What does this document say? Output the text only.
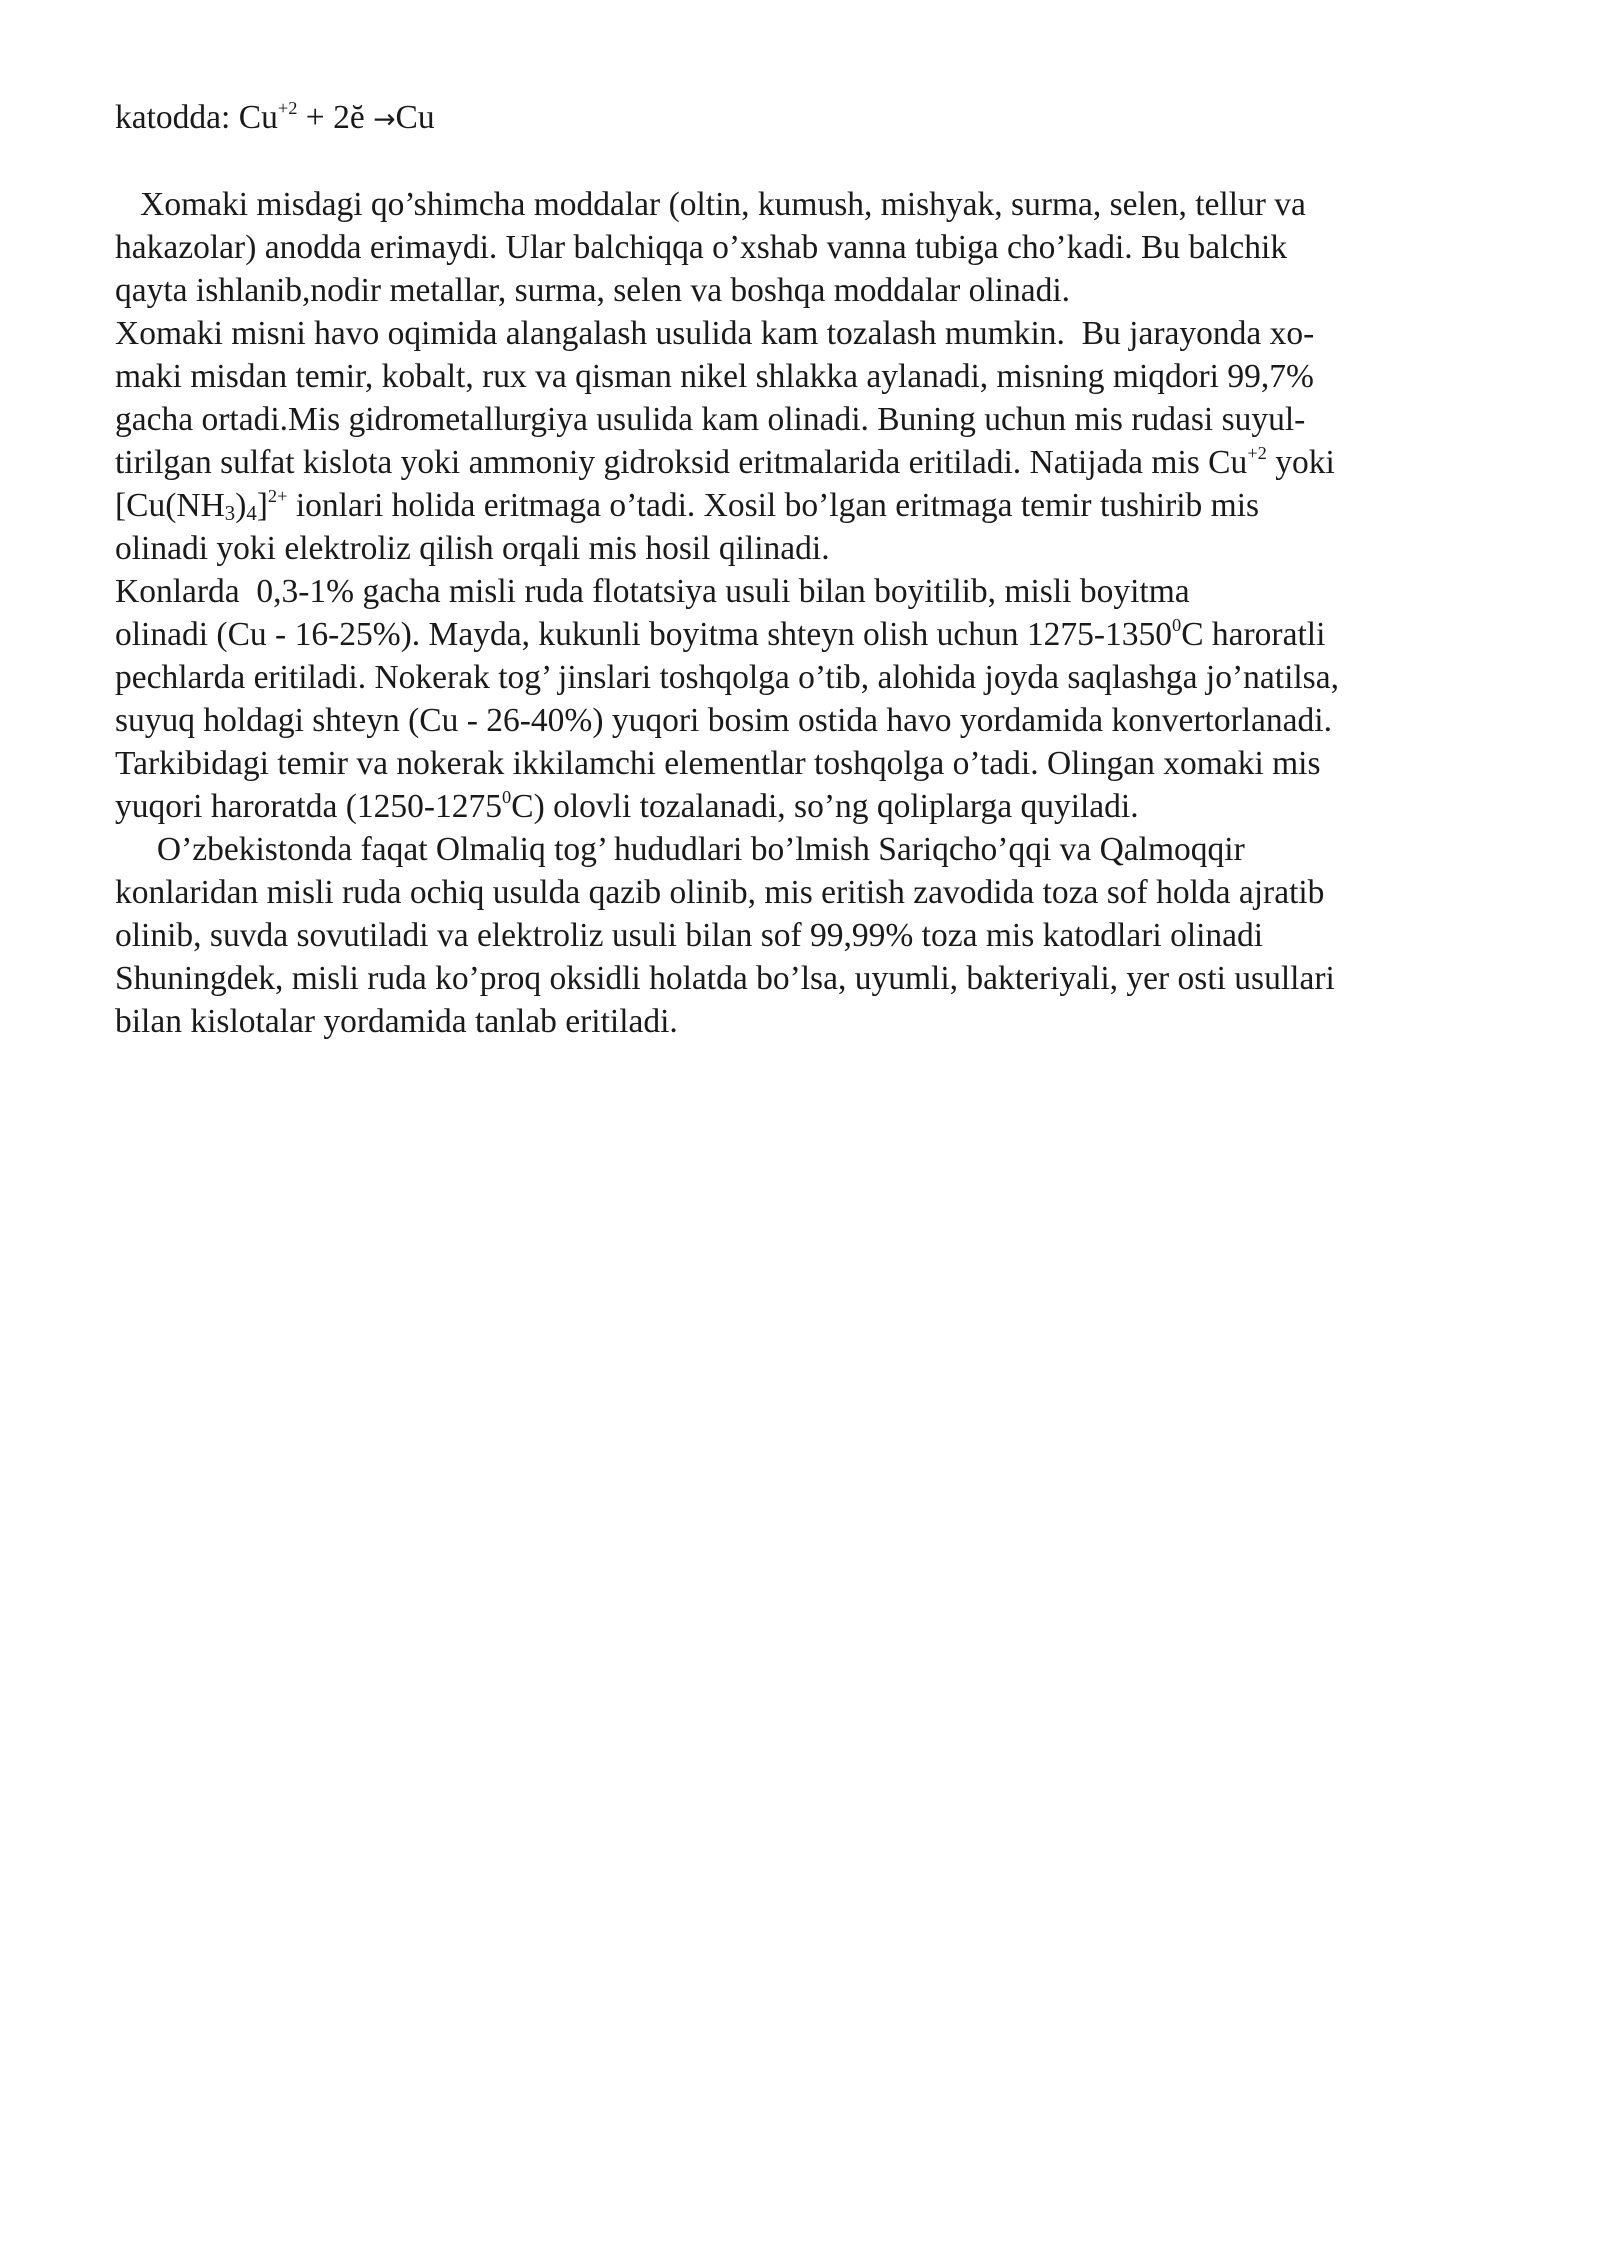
katodda: $Cu^{+2}$ + 2ĕ →Cu
Xomaki misdagi qo’shimcha moddalar (oltin, kumush, mishyak, surma, selen, tellur va
hakazolar) anodda erimaydi. Ular balchiqqa o’xshab vanna tubiga cho’kadi. Bu balchik
qayta ishlanib,nodir metallar, surma, selen va boshqa moddalar olinadi.
Xomaki misni havo oqimida alangalash usulida kam tozalash mumkin.  Bu jarayonda xo-
maki misdan temir, kobalt, rux va qisman nikel shlakka aylanadi, misning miqdori 99,7%
gacha ortadi.Mis gidrometallurgiya usulida kam olinadi. Buning uchun mis rudasi suyul-
tirilgan sulfat kislota yoki ammoniy gidroksid eritmalarida eritiladi. Natijada mis $Cu^{+2}$ yoki
$[Cu(NH_3)_4]^{2+}$ ionlari holida eritmaga o’tadi. Xosil bo’lgan eritmaga temir tushirib mis
olinadi yoki elektroliz qilish orqali mis hosil qilinadi.
Konlarda  0,3-1% gacha misli ruda flotatsiya usuli bilan boyitilib, misli boyitma
olinadi (Cu - 16-25%). Mayda, kukunli boyitma shteyn olish uchun 1275-1350$^0$C haroratli
pechlarda eritiladi. Nokerak tog’ jinslari toshqolga o’tib, alohida joyda saqlashga jo’natilsa,
suyuq holdagi shteyn (Cu - 26-40%) yuqori bosim ostida havo yordamida konvertorlanadi.
Tarkibidagi temir va nokerak ikkilamchi elementlar toshqolga o’tadi. Olingan xomaki mis
yuqori haroratda (1250-1275$^0$C) olovli tozalanadi, so’ng qoliplarga quyiladi.
O’zbekistonda faqat Olmaliq tog’ hududlari bo’lmish Sariqcho’qqi va Qalmoqqir
konlaridan misli ruda ochiq usulda qazib olinib, mis eritish zavodida toza sof holda ajratib
olinib, suvda sovutiladi va elektroliz usuli bilan sof 99,99% toza mis katodlari olinadi
Shuningdek, misli ruda ko’proq oksidli holatda bo’lsa, uyumli, bakteriyali, yer osti usullari
bilan kislotalar yordamida tanlab eritiladi.
